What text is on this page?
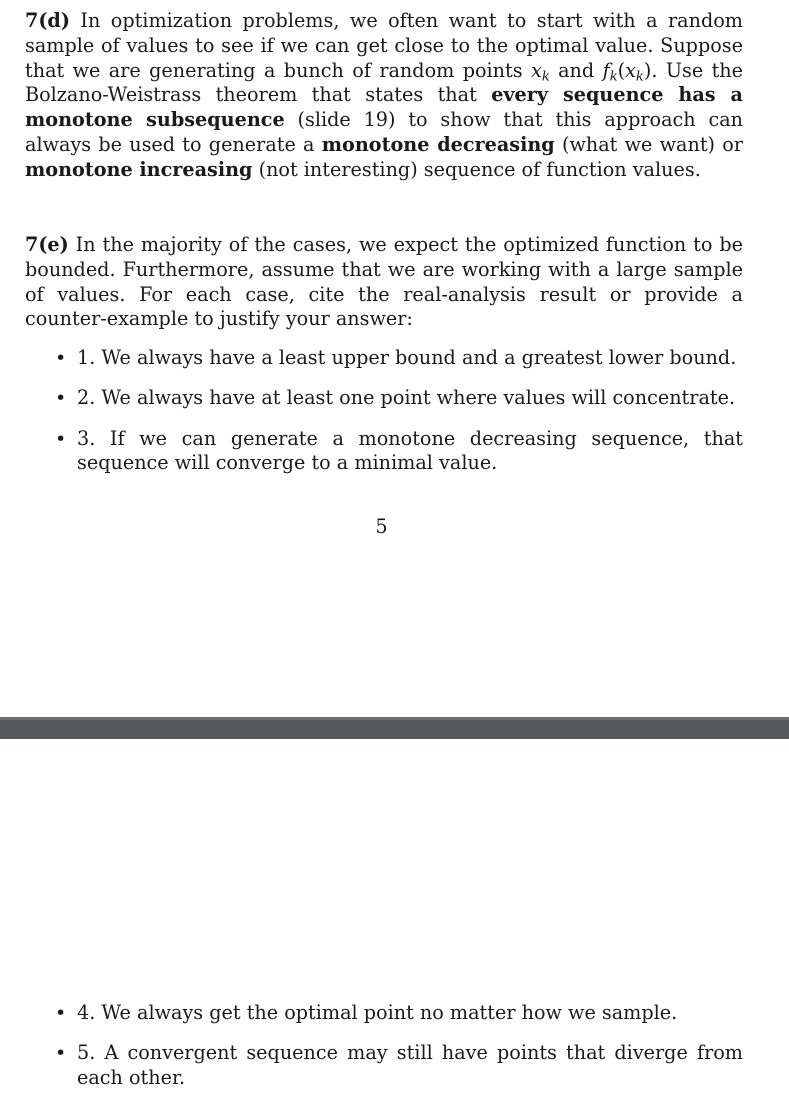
7(d) In optimization problems, we often want to start with a random sample of values to see if we can get close to the optimal value. Suppose that we are generating a bunch of random points $x_k$ and $f_k(x_k)$. Use the Bolzano-Weistrass theorem that states that every sequence has a monotone subsequence (slide 19) to show that this approach can always be used to generate a monotone decreasing (what we want) or monotone increasing (not interesting) sequence of function values.

7(e) In the majority of the cases, we expect the optimized function to be bounded. Furthermore, assume that we are working with a large sample of values. For each case, cite the real-analysis result or provide a counter-example to justify your answer:

• 1. We always have a least upper bound and a greatest lower bound.
• 2. We always have at least one point where values will concentrate.
• 3. If we can generate a monotone decreasing sequence, that sequence will converge to a minimal value.
5
• 4. We always get the optimal point no matter how we sample.
• 5. A convergent sequence may still have points that diverge from each other.
